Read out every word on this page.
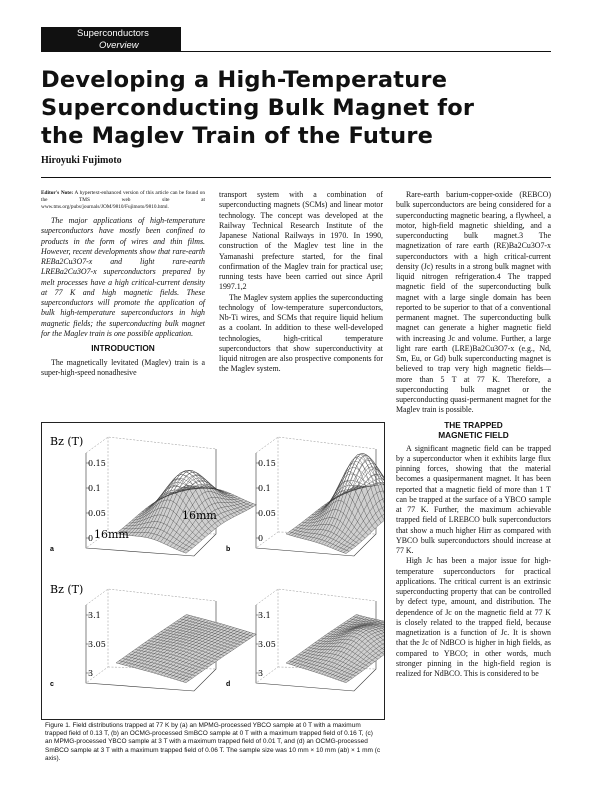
Superconductors
Overview
Developing a High-Temperature
Superconducting Bulk Magnet for
the Maglev Train of the Future
Hiroyuki Fujimoto

Editor's Note: A hypertext-enhanced version of this article can be found on the TMS web site at www.tms.org/pubs/journals/JOM/9810/Fujimoto/9810.html.

The major applications of high-temperature superconductors have mostly been confined to products in the form of wires and thin films. However, recent developments show that rare-earth REBa2Cu3O7-x and light rare-earth LREBa2Cu3O7-x superconductors prepared by melt processes have a high critical-current density at 77 K and high magnetic fields. These superconductors will promote the application of bulk high-temperature superconductors in high magnetic fields; the superconducting bulk magnet for the Maglev train is one possible application.

INTRODUCTION

The magnetically levitated (Maglev) train is a super-high-speed nonadhesive

transport system with a combination of superconducting magnets (SCMs) and linear motor technology. The concept was developed at the Railway Technical Research Institute of the Japanese National Railways in 1970. In 1990, construction of the Maglev test line in the Yamanashi prefecture started, for the final confirmation of the Maglev train for practical use; running tests have been carried out since April 1997.1,2

The Maglev system applies the superconducting technology of low-temperature superconductors, Nb-Ti wires, and SCMs that require liquid helium as a coolant. In addition to these well-developed technologies, high-critical temperature superconductors that show superconductivity at liquid nitrogen are also prospective components for the Maglev system.

Rare-earth barium-copper-oxide (REBCO) bulk superconductors are being considered for a superconducting magnetic bearing, a flywheel, a motor, high-field magnetic shielding, and a superconducting bulk magnet.3 The magnetization of rare earth (RE)Ba2Cu3O7-x superconductors with a high critical-current density (Jc) results in a strong bulk magnet with liquid nitrogen refrigeration.4 The trapped magnetic field of the superconducting bulk magnet with a large single domain has been reported to be superior to that of a conventional permanent magnet. The superconducting bulk magnet can generate a higher magnetic field with increasing Jc and volume. Further, a large light rare earth (LRE)Ba2Cu3O7-x (e.g., Nd, Sm, Eu, or Gd) bulk superconducting magnet is believed to trap very high magnetic fields—more than 5 T at 77 K. Therefore, a superconducting bulk magnet or the superconducting quasi-permanent magnet for the Maglev train is possible.

THE TRAPPED
MAGNETIC FIELD

A significant magnetic field can be trapped by a superconductor when it exhibits large flux pinning forces, showing that the material becomes a quasipermanent magnet. It has been reported that a magnetic field of more than 1 T can be trapped at the surface of a YBCO sample at 77 K. Further, the maximum achievable trapped field of LREBCO bulk superconductors that show a much higher Hirr as compared with YBCO bulk superconductors should increase at 77 K.

High Jc has been a major issue for high-temperature superconductors for practical applications. The critical current is an extrinsic superconducting property that can be controlled by defect type, amount, and distribution. The dependence of Jc on the magnetic field at 77 K is closely related to the trapped field, because magnetization is a function of Jc. It is shown that the Jc of NdBCO is higher in high fields, as compared to YBCO; in other words, much stronger pinning in the high-field region is realized for NdBCO. This is considered to be

0.15
0.1
0.05
0
0.15
0.1
0.05
0
3.1
3.05
3
3.1
3.05
3
Bz (T)
Bz (T)
16mm
16mm
a	b
c	d
Figure 1. Field distributions trapped at 77 K by (a) an MPMG-processed YBCO sample at 0 T with a maximum trapped field of 0.13 T, (b) an OCMG-processed SmBCO sample at 0 T with a maximum trapped field of 0.16 T, (c) an MPMG-processed YBCO sample at 3 T with a maximum trapped field of 0.01 T, and (d) an OCMG-processed SmBCO sample at 3 T with a maximum trapped field of 0.06 T. The sample size was 10 mm × 10 mm (ab) × 1 mm (c axis).
